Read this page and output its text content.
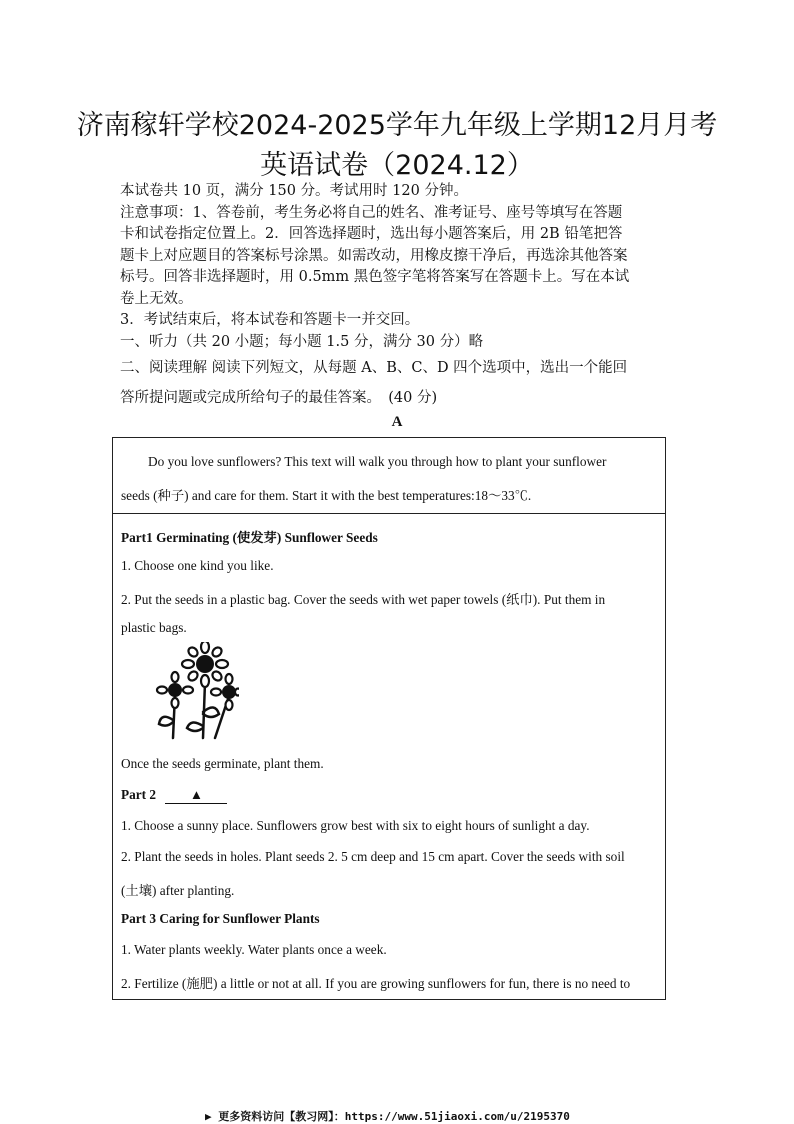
济南稼轩学校2024-2025学年九年级上学期12月月考
英语试卷（2024.12）

本试卷共 10 页，满分 150 分。考试用时 120 分钟。

注意事项：1、答卷前，考生务必将自己的姓名、准考证号、座号等填写在答题

卡和试卷指定位置上。2．回答选择题时，选出每小题答案后，用 2B 铅笔把答

题卡上对应题目的答案标号涂黑。如需改动，用橡皮擦干净后，再选涂其他答案

标号。回答非选择题时，用 0.5mm 黑色签字笔将答案写在答题卡上。写在本试

卷上无效。

3．考试结束后，将本试卷和答题卡一并交回。

一、听力（共 20 小题；每小题 1.5 分，满分 30 分）略

二、阅读理解 阅读下列短文，从每题 A、B、C、D 四个选项中，选出一个能回

答所提问题或完成所给句子的最佳答案。　(40 分)

A

Do you love sunflowers? This text will walk you through how to plant your sunflower

seeds (种子) and care for them. Start it with the best temperatures:18～33℃.

Part1 Germinating (使发芽) Sunflower Seeds

1. Choose one kind you like.

2. Put the seeds in a plastic bag. Cover the seeds with wet paper towels (纸巾). Put them in

plastic bags.

Once the seeds germinate, plant them.

Part 2	▲

1. Choose a sunny place. Sunflowers grow best with six to eight hours of sunlight a day.

2. Plant the seeds in holes. Plant seeds 2. 5 cm deep and 15 cm apart. Cover the seeds with soil

(土壤) after planting.

Part 3 Caring for Sunflower Plants

1. Water plants weekly. Water plants once a week.

2. Fertilize (施肥) a little or not at all. If you are growing sunflowers for fun, there is no need to

▶ 更多资料访问【教习网】：https://www.51jiaoxi.com/u/2195370
